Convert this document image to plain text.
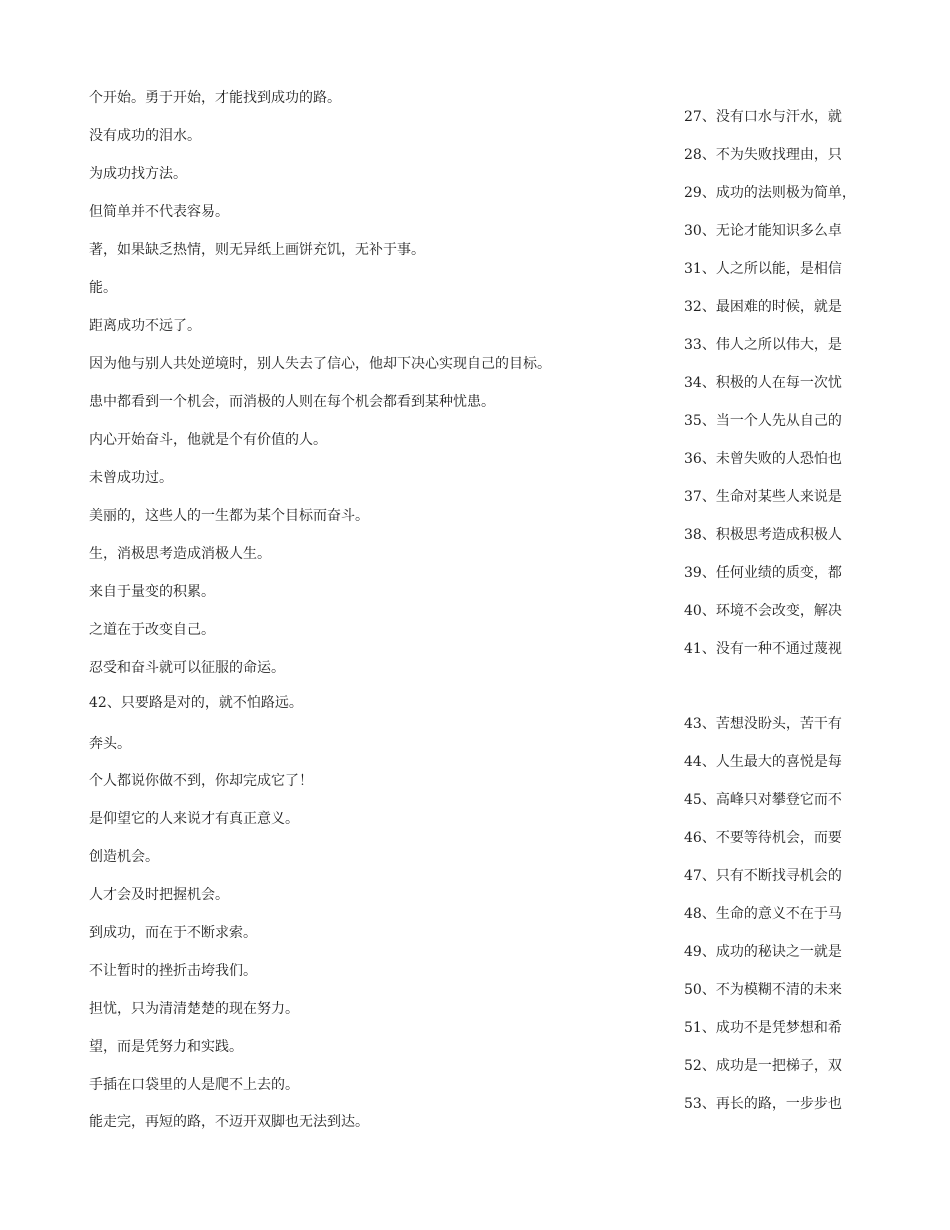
个开始。勇于开始，才能找到成功的路。
没有成功的泪水。
为成功找方法。
但简单并不代表容易。
著，如果缺乏热情，则无异纸上画饼充饥，无补于事。
能。
距离成功不远了。
因为他与别人共处逆境时，别人失去了信心，他却下决心实现自己的目标。
患中都看到一个机会，而消极的人则在每个机会都看到某种忧患。
内心开始奋斗，他就是个有价值的人。
未曾成功过。
美丽的，这些人的一生都为某个目标而奋斗。
生，消极思考造成消极人生。
来自于量变的积累。
之道在于改变自己。
忍受和奋斗就可以征服的命运。
42、只要路是对的，就不怕路远。
奔头。
个人都说你做不到，你却完成它了！
是仰望它的人来说才有真正意义。
创造机会。
人才会及时把握机会。
到成功，而在于不断求索。
不让暂时的挫折击垮我们。
担忧，只为清清楚楚的现在努力。
望，而是凭努力和实践。
手插在口袋里的人是爬不上去的。
能走完，再短的路，不迈开双脚也无法到达。
27、没有口水与汗水，就
28、不为失败找理由，只
29、成功的法则极为简单，
30、无论才能知识多么卓
31、人之所以能，是相信
32、最困难的时候，就是
33、伟人之所以伟大，是
34、积极的人在每一次忧
35、当一个人先从自己的
36、未曾失败的人恐怕也
37、生命对某些人来说是
38、积极思考造成积极人
39、任何业绩的质变，都
40、环境不会改变，解决
41、没有一种不通过蔑视
43、苦想没盼头，苦干有
44、人生最大的喜悦是每
45、高峰只对攀登它而不
46、不要等待机会，而要
47、只有不断找寻机会的
48、生命的意义不在于马
49、成功的秘诀之一就是
50、不为模糊不清的未来
51、成功不是凭梦想和希
52、成功是一把梯子，双
53、再长的路，一步步也
